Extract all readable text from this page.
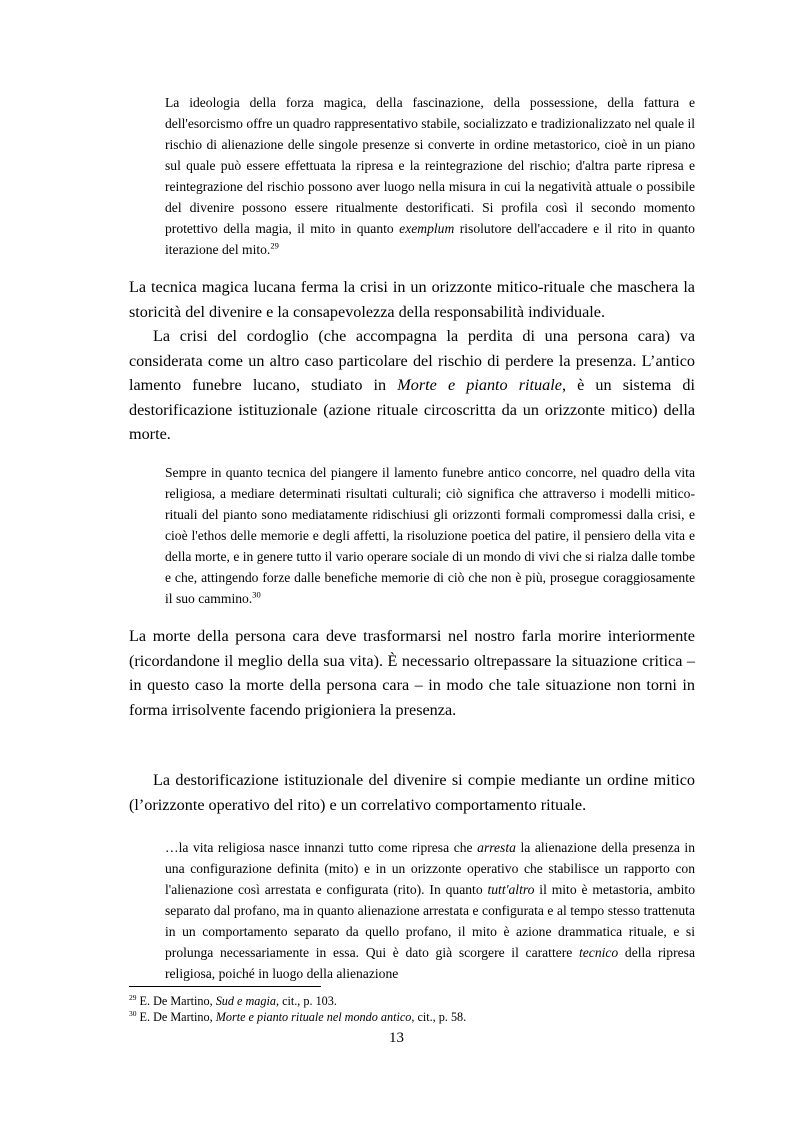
La ideologia della forza magica, della fascinazione, della possessione, della fattura e dell'esorcismo offre un quadro rappresentativo stabile, socializzato e tradizionalizzato nel quale il rischio di alienazione delle singole presenze si converte in ordine metastorico, cioè in un piano sul quale può essere effettuata la ripresa e la reintegrazione del rischio; d'altra parte ripresa e reintegrazione del rischio possono aver luogo nella misura in cui la negatività attuale o possibile del divenire possono essere ritualmente destorificati. Si profila così il secondo momento protettivo della magia, il mito in quanto exemplum risolutore dell'accadere e il rito in quanto iterazione del mito.$^{29}$

La tecnica magica lucana ferma la crisi in un orizzonte mitico-rituale che maschera la storicità del divenire e la consapevolezza della responsabilità individuale.

La crisi del cordoglio (che accompagna la perdita di una persona cara) va considerata come un altro caso particolare del rischio di perdere la presenza. L’antico lamento funebre lucano, studiato in Morte e pianto rituale, è un sistema di destorificazione istituzionale (azione rituale circoscritta da un orizzonte mitico) della morte.

Sempre in quanto tecnica del piangere il lamento funebre antico concorre, nel quadro della vita religiosa, a mediare determinati risultati culturali; ciò significa che attraverso i modelli mitico-rituali del pianto sono mediatamente ridischiusi gli orizzonti formali compromessi dalla crisi, e cioè l'ethos delle memorie e degli affetti, la risoluzione poetica del patire, il pensiero della vita e della morte, e in genere tutto il vario operare sociale di un mondo di vivi che si rialza dalle tombe e che, attingendo forze dalle benefiche memorie di ciò che non è più, prosegue coraggiosamente il suo cammino.$^{30}$

La morte della persona cara deve trasformarsi nel nostro farla morire interiormente (ricordandone il meglio della sua vita). È necessario oltrepassare la situazione critica – in questo caso la morte della persona cara – in modo che tale situazione non torni in forma irrisolvente facendo prigioniera la presenza.

La destorificazione istituzionale del divenire si compie mediante un ordine mitico (l’orizzonte operativo del rito) e un correlativo comportamento rituale.

…la vita religiosa nasce innanzi tutto come ripresa che arresta la alienazione della presenza in una configurazione definita (mito) e in un orizzonte operativo che stabilisce un rapporto con l'alienazione così arrestata e configurata (rito). In quanto tutt'altro il mito è metastoria, ambito separato dal profano, ma in quanto alienazione arrestata e configurata e al tempo stesso trattenuta in un comportamento separato da quello profano, il mito è azione drammatica rituale, e si prolunga necessariamente in essa. Qui è dato già scorgere il carattere tecnico della ripresa religiosa, poiché in luogo della alienazione

$^{29}$ E. De Martino, Sud e magia, cit., p. 103.

$^{30}$ E. De Martino, Morte e pianto rituale nel mondo antico, cit., p. 58.

13
